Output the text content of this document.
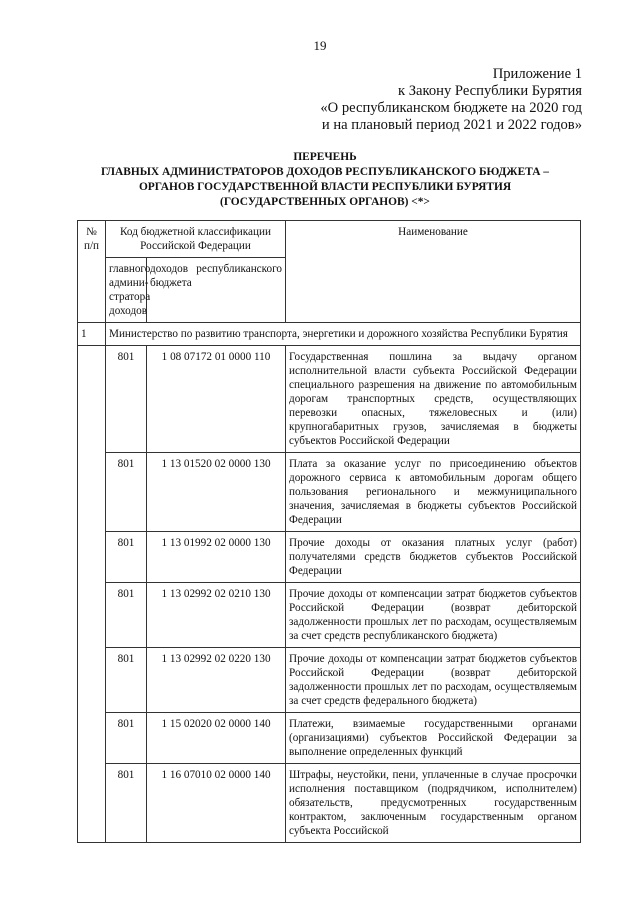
19
Приложение 1
к Закону Республики Бурятия
«О республиканском бюджете на 2020 год
и на плановый период 2021 и 2022 годов»
ПЕРЕЧЕНЬ
ГЛАВНЫХ АДМИНИСТРАТОРОВ ДОХОДОВ РЕСПУБЛИКАНСКОГО БЮДЖЕТА –
ОРГАНОВ ГОСУДАРСТВЕННОЙ ВЛАСТИ РЕСПУБЛИКИ БУРЯТИЯ
(ГОСУДАРСТВЕННЫХ ОРГАНОВ) <*>
№ п/п	Код бюджетной классификации Российской Федерации		Наименование
	главного админи-стратора доходов	доходов республиканского бюджета	
1	Министерство по развитию транспорта, энергетики и дорожного хозяйства Республики Бурятия		
	801	1 08 07172 01 0000 110	Государственная пошлина за выдачу органом исполнительной власти субъекта Российской Федерации специального разрешения на движение по автомобильным дорогам транспортных средств, осуществляющих перевозки опасных, тяжеловесных и (или) крупногабаритных грузов, зачисляемая в бюджеты субъектов Российской Федерации
	801	1 13 01520 02 0000 130	Плата за оказание услуг по присоединению объектов дорожного сервиса к автомобильным дорогам общего пользования регионального и межмуниципального значения, зачисляемая в бюджеты субъектов Российской Федерации
	801	1 13 01992 02 0000 130	Прочие доходы от оказания платных услуг (работ) получателями средств бюджетов субъектов Российской Федерации
	801	1 13 02992 02 0210 130	Прочие доходы от компенсации затрат бюджетов субъектов Российской Федерации (возврат дебиторской задолженности прошлых лет по расходам, осуществляемым за счет средств республиканского бюджета)
	801	1 13 02992 02 0220 130	Прочие доходы от компенсации затрат бюджетов субъектов Российской Федерации (возврат дебиторской задолженности прошлых лет по расходам, осуществляемым за счет средств федерального бюджета)
	801	1 15 02020 02 0000 140	Платежи, взимаемые государственными органами (организациями) субъектов Российской Федерации за выполнение определенных функций
	801	1 16 07010 02 0000 140	Штрафы, неустойки, пени, уплаченные в случае просрочки исполнения поставщиком (подрядчиком, исполнителем) обязательств, предусмотренных государственным контрактом, заключенным государственным органом субъекта Российской
